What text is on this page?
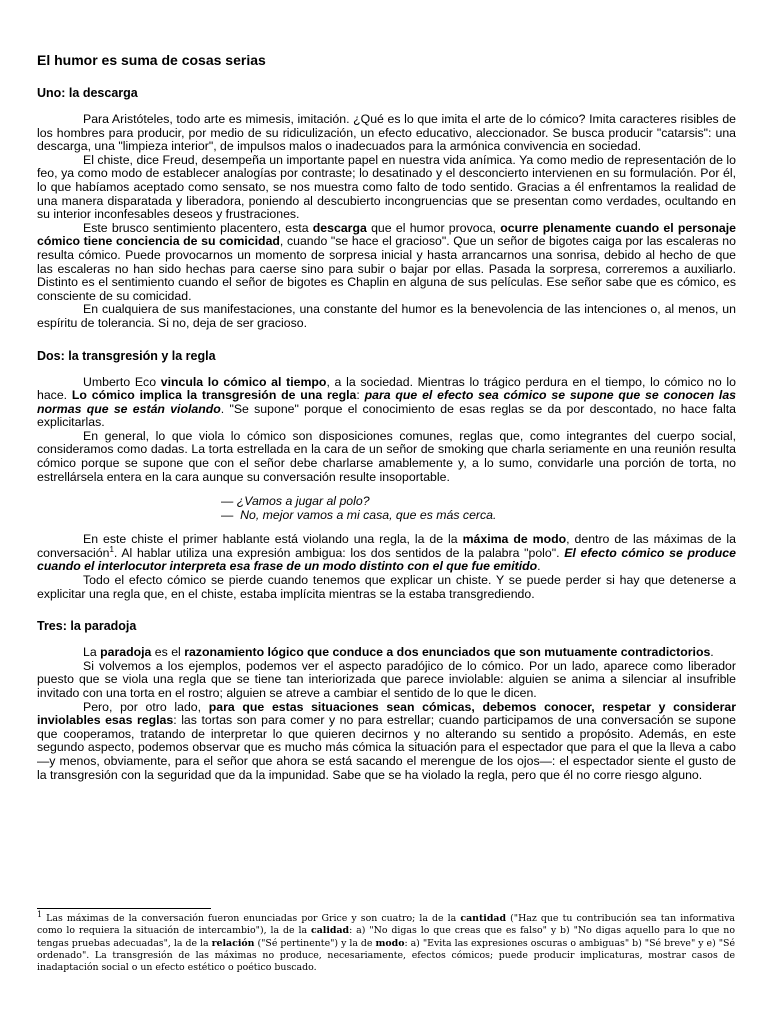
El humor es suma de cosas serias
Uno: la descarga

Para Aristóteles, todo arte es mimesis, imitación. ¿Qué es lo que imita el arte de lo cómico? Imita caracteres risibles de los hombres para producir, por medio de su ridiculización, un efecto educativo, aleccionador. Se busca producir "catarsis": una descarga, una "limpieza interior", de impulsos malos o inadecuados para la armónica convivencia en sociedad.

El chiste, dice Freud, desempeña un importante papel en nuestra vida anímica. Ya como medio de representación de lo feo, ya como modo de establecer analogías por contraste; lo desatinado y el desconcierto intervienen en su formulación. Por él, lo que habíamos aceptado como sensato, se nos muestra como falto de todo sentido. Gracias a él enfrentamos la realidad de una manera disparatada y liberadora, poniendo al descubierto incongruencias que se presentan como verdades, ocultando en su interior inconfesables deseos y frustraciones.

Este brusco sentimiento placentero, esta descarga que el humor provoca, ocurre plenamente cuando el personaje cómico tiene conciencia de su comicidad, cuando "se hace el gracioso". Que un señor de bigotes caiga por las escaleras no resulta cómico. Puede provocarnos un momento de sorpresa inicial y hasta arrancarnos una sonrisa, debido al hecho de que las escaleras no han sido hechas para caerse sino para subir o bajar por ellas. Pasada la sorpresa, correremos a auxiliarlo. Distinto es el sentimiento cuando el señor de bigotes es Chaplin en alguna de sus películas. Ese señor sabe que es cómico, es consciente de su comicidad.

En cualquiera de sus manifestaciones, una constante del humor es la benevolencia de las intenciones o, al menos, un espíritu de tolerancia. Si no, deja de ser gracioso.

Dos: la transgresión y la regla

Umberto Eco vincula lo cómico al tiempo, a la sociedad. Mientras lo trágico perdura en el tiempo, lo cómico no lo hace. Lo cómico implica la transgresión de una regla: para que el efecto sea cómico se supone que se conocen las normas que se están violando. "Se supone" porque el conocimiento de esas reglas se da por descontado, no hace falta explicitarlas.

En general, lo que viola lo cómico son disposiciones comunes, reglas que, como integrantes del cuerpo social, consideramos como dadas. La torta estrellada en la cara de un señor de smoking que charla seriamente en una reunión resulta cómico porque se supone que con el señor debe charlarse amablemente y, a lo sumo, convidarle una porción de torta, no estrellársela entera en la cara aunque su conversación resulte insoportable.

— ¿Vamos a jugar al polo?
—  No, mejor vamos a mi casa, que es más cerca.

En este chiste el primer hablante está violando una regla, la de la máxima de modo, dentro de las máximas de la conversación$^1$. Al hablar utiliza una expresión ambigua: los dos sentidos de la palabra "polo". El efecto cómico se produce cuando el interlocutor interpreta esa frase de un modo distinto con el que fue emitido.

Todo el efecto cómico se pierde cuando tenemos que explicar un chiste. Y se puede perder si hay que detenerse a explicitar una regla que, en el chiste, estaba implícita mientras se la estaba transgrediendo.

Tres: la paradoja

La paradoja es el razonamiento lógico que conduce a dos enunciados que son mutuamente contradictorios.

Si volvemos a los ejemplos, podemos ver el aspecto paradójico de lo cómico. Por un lado, aparece como liberador puesto que se viola una regla que se tiene tan interiorizada que parece inviolable: alguien se anima a silenciar al insufrible invitado con una torta en el rostro; alguien se atreve a cambiar el sentido de lo que le dicen.

Pero, por otro lado, para que estas situaciones sean cómicas, debemos conocer, respetar y considerar inviolables esas reglas: las tortas son para comer y no para estrellar; cuando participamos de una conversación se supone que cooperamos, tratando de interpretar lo que quieren decirnos y no alterando su sentido a propósito. Además, en este segundo aspecto, podemos observar que es mucho más cómica la situación para el espectador que para el que la lleva a cabo —y menos, obviamente, para el señor que ahora se está sacando el merengue de los ojos—: el espectador siente el gusto de la transgresión con la seguridad que da la impunidad. Sabe que se ha violado la regla, pero que él no corre riesgo alguno.

$^1$ Las máximas de la conversación fueron enunciadas por Grice y son cuatro; la de la cantidad ("Haz que tu contribución sea tan informativa como lo requiera la situación de intercambio"), la de la calidad: a) "No digas lo que creas que es falso" y b) "No digas aquello para lo que no tengas pruebas adecuadas", la de la relación ("Sé pertinente") y la de modo: a) "Evita las expresiones oscuras o ambiguas" b) "Sé breve" y e) "Sé ordenado". La transgresión de las máximas no produce, necesariamente, efectos cómicos; puede producir implicaturas, mostrar casos de inadaptación social o un efecto estético o poético buscado.
